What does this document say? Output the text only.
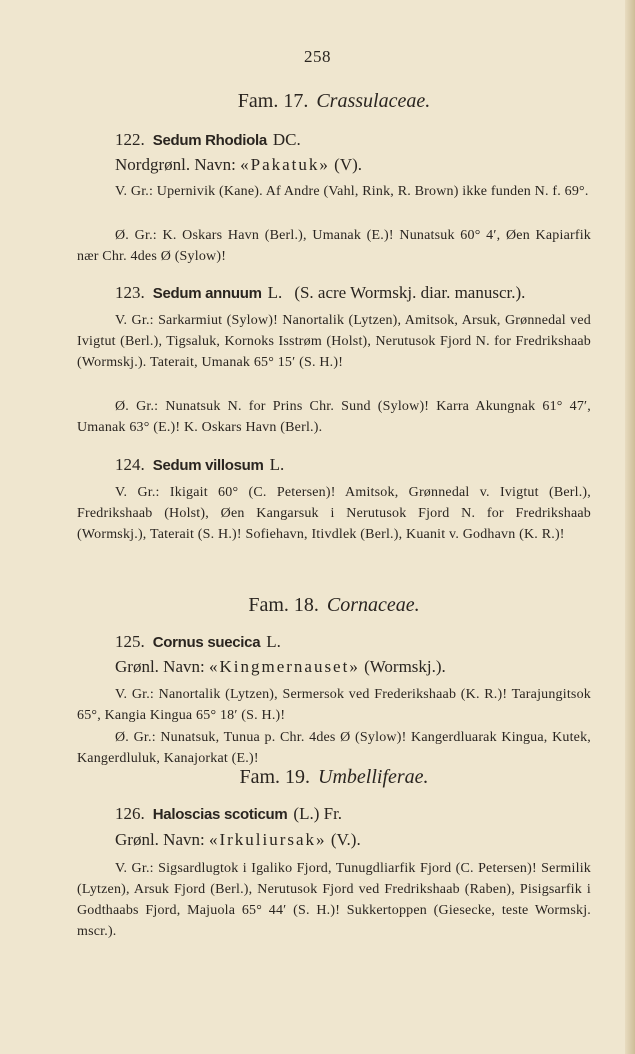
258

Fam. 17. Crassulaceae.

122. Sedum Rhodiola DC.

Nordgrønl. Navn: «Pakatuk» (V).

V. Gr.: Upernivik (Kane). Af Andre (Vahl, Rink, R. Brown) ikke funden N. f. 69°.

Ø. Gr.: K. Oskars Havn (Berl.), Umanak (E.)! Nunatsuk 60° 4′, Øen Kapiarfik nær Chr. 4des Ø (Sylow)!

123. Sedum annuum L. (S. acre Wormskj. diar. manuscr.).

V. Gr.: Sarkarmiut (Sylow)! Nanortalik (Lytzen), Amitsok, Arsuk, Grønnedal ved Ivigtut (Berl.), Tigsaluk, Kornoks Isstrøm (Holst), Nerutusok Fjord N. for Fredrikshaab (Wormskj.). Taterait, Umanak 65° 15′ (S. H.)!

Ø. Gr.: Nunatsuk N. for Prins Chr. Sund (Sylow)! Karra Akungnak 61° 47′, Umanak 63° (E.)! K. Oskars Havn (Berl.).

124. Sedum villosum L.

V. Gr.: Ikigait 60° (C. Petersen)! Amitsok, Grønnedal v. Ivigtut (Berl.), Fredrikshaab (Holst), Øen Kangarsuk i Nerutusok Fjord N. for Fredrikshaab (Wormskj.), Taterait (S. H.)! Sofiehavn, Itivdlek (Berl.), Kuanit v. Godhavn (K. R.)!

Fam. 18. Cornaceae.

125. Cornus suecica L.

Grønl. Navn: «Kingmernauset» (Wormskj.).

V. Gr.: Nanortalik (Lytzen), Sermersok ved Frederikshaab (K. R.)! Tarajungitsok 65°, Kangia Kingua 65° 18′ (S. H.)!

Ø. Gr.: Nunatsuk, Tunua p. Chr. 4des Ø (Sylow)! Kangerdluarak Kingua, Kutek, Kangerdluluk, Kanajorkat (E.)!

Fam. 19. Umbelliferae.

126. Haloscias scoticum (L.) Fr.

Grønl. Navn: «Irkuliursak» (V.).

V. Gr.: Sigsardlugtok i Igaliko Fjord, Tunugdliarfik Fjord (C. Petersen)! Sermilik (Lytzen), Arsuk Fjord (Berl.), Nerutusok Fjord ved Fredrikshaab (Raben), Pisigsarfik i Godthaabs Fjord, Majuola 65° 44′ (S. H.)! Sukkertoppen (Giesecke, teste Wormskj. mscr.).
